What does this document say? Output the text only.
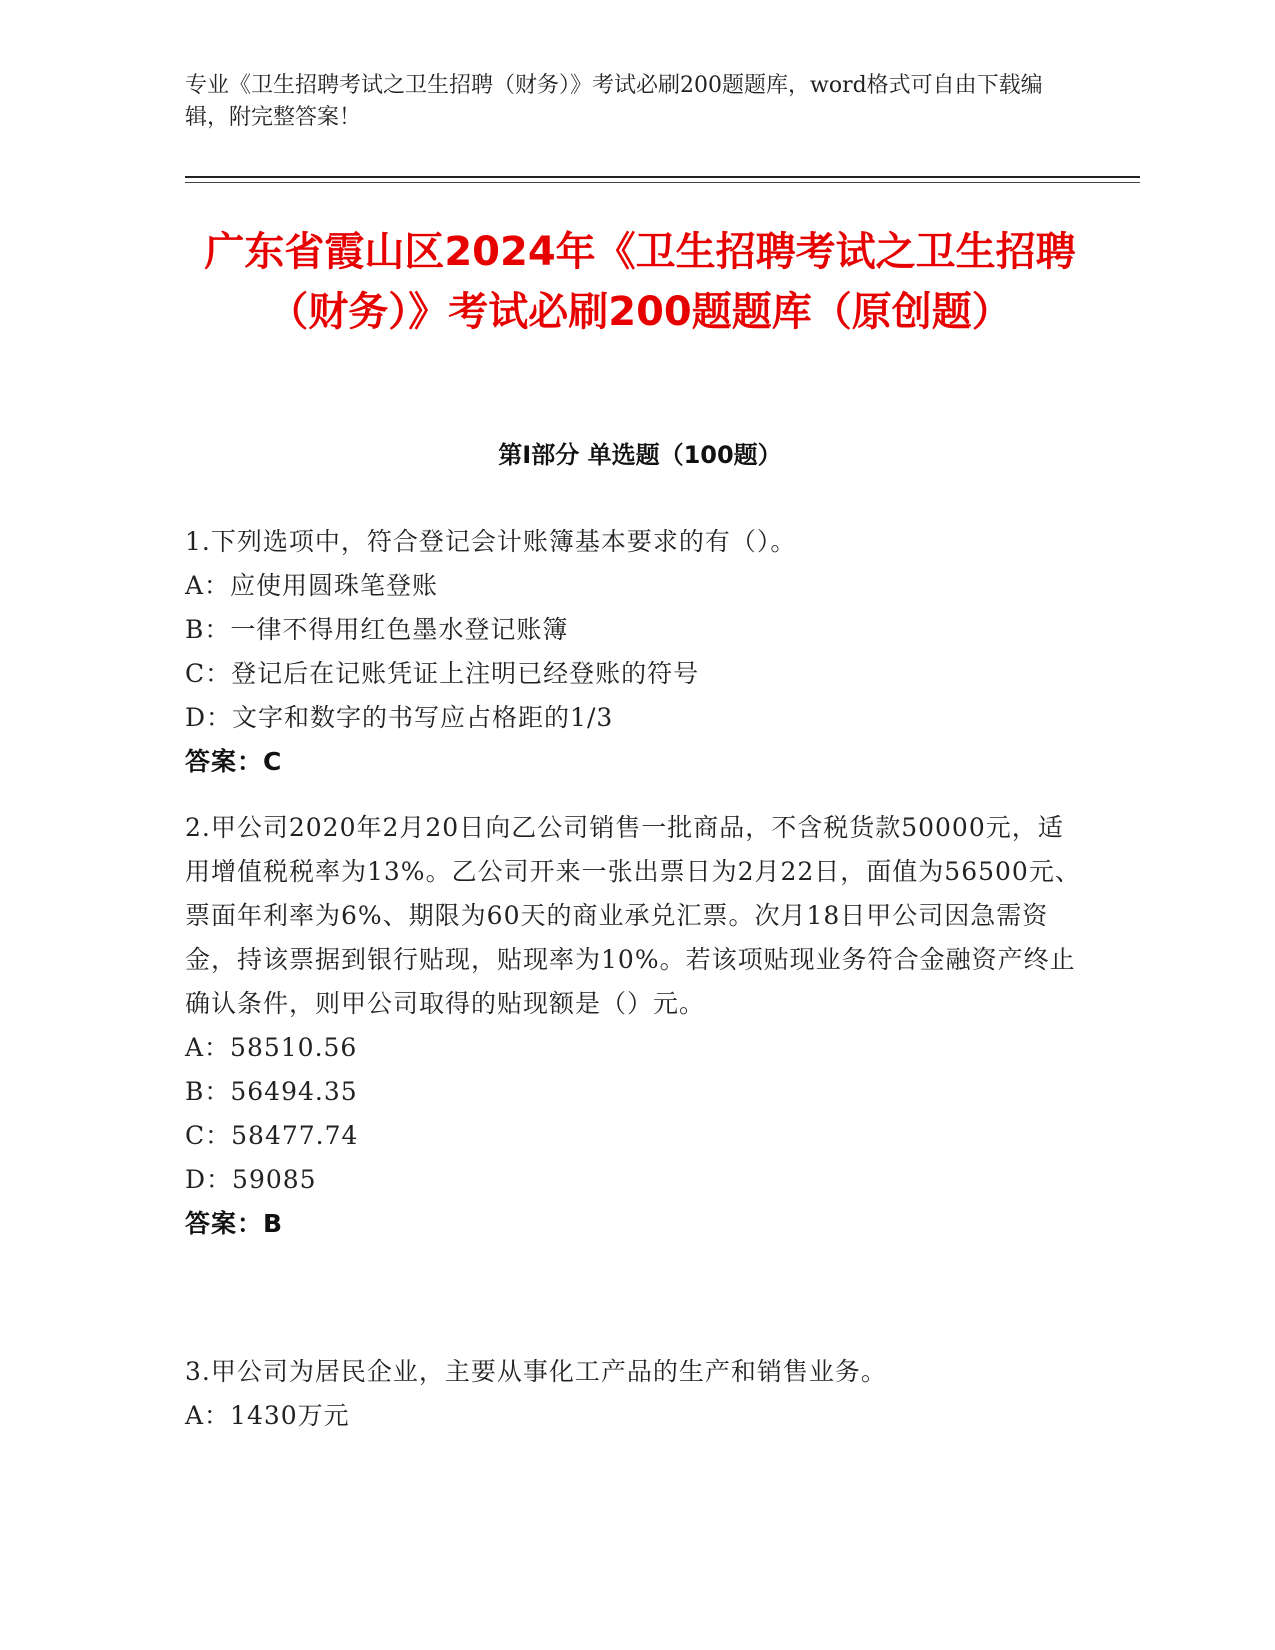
专业《卫生招聘考试之卫生招聘（财务）》考试必刷200题题库，word格式可自由下载编辑，附完整答案！

广东省霞山区2024年《卫生招聘考试之卫生招聘（财务）》考试必刷200题题库（原创题）
第I部分 单选题（100题）
1.下列选项中，符合登记会计账簿基本要求的有（）。
A：应使用圆珠笔登账
B：一律不得用红色墨水登记账簿
C：登记后在记账凭证上注明已经登账的符号
D：文字和数字的书写应占格距的1/3
答案：C
2.甲公司2020年2月20日向乙公司销售一批商品，不含税货款50000元，适用增值税税率为13%。乙公司开来一张出票日为2月22日，面值为56500元、票面年利率为6%、期限为60天的商业承兑汇票。次月18日甲公司因急需资金，持该票据到银行贴现，贴现率为10%。若该项贴现业务符合金融资产终止确认条件，则甲公司取得的贴现额是（）元。
A：58510.56
B：56494.35
C：58477.74
D：59085
答案：B
3.甲公司为居民企业，主要从事化工产品的生产和销售业务。
A：1430万元
